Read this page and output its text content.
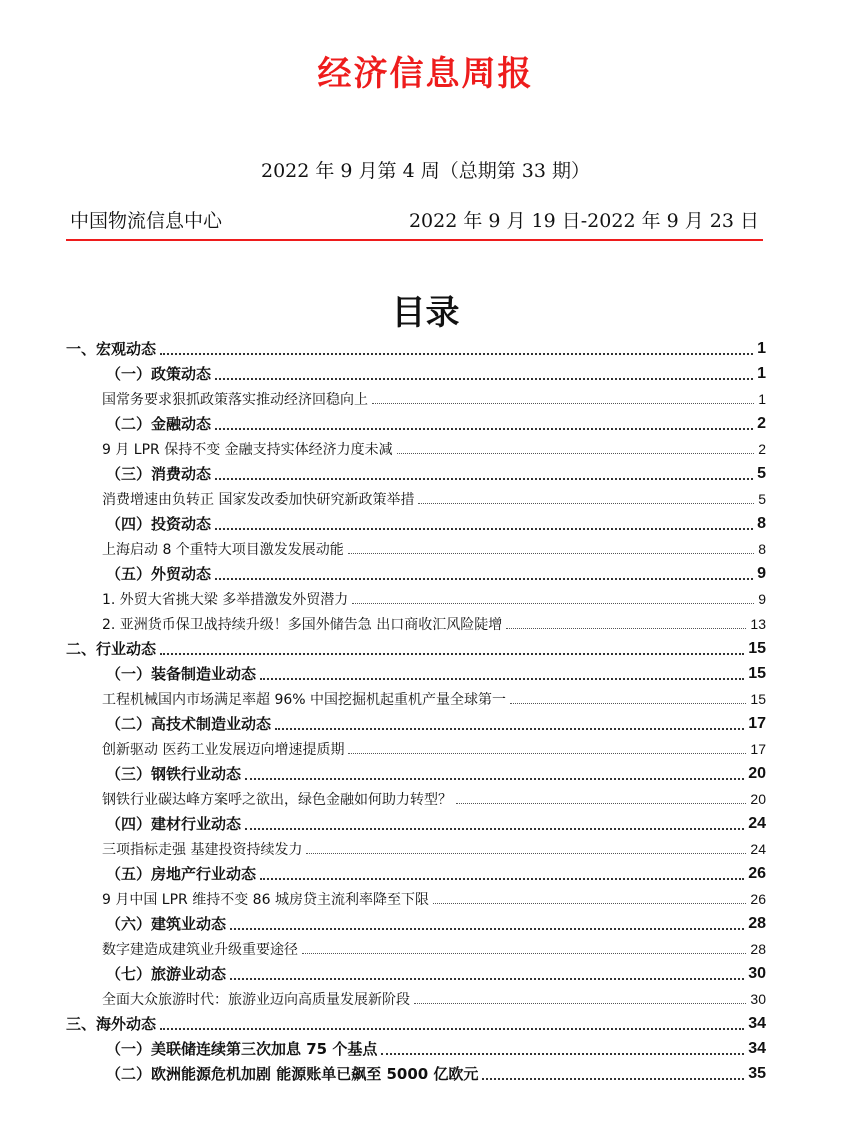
经济信息周报
2022 年 9 月第 4 周（总期第 33 期）
中国物流信息中心	2022 年 9 月 19 日-2022 年 9 月 23 日
目录
一、宏观动态	1
（一）政策动态	1
国常务要求狠抓政策落实推动经济回稳向上	1
（二）金融动态	2
9 月 LPR 保持不变 金融支持实体经济力度未减	2
（三）消费动态	5
消费增速由负转正 国家发改委加快研究新政策举措	5
（四）投资动态	8
上海启动 8 个重特大项目激发发展动能	8
（五）外贸动态	9
1. 外贸大省挑大梁 多举措激发外贸潜力	9
2. 亚洲货币保卫战持续升级！多国外储告急 出口商收汇风险陡增	13
二、行业动态	15
（一）装备制造业动态	15
工程机械国内市场满足率超 96% 中国挖掘机起重机产量全球第一	15
（二）高技术制造业动态	17
创新驱动 医药工业发展迈向增速提质期	17
（三）钢铁行业动态	20
钢铁行业碳达峰方案呼之欲出，绿色金融如何助力转型？	20
（四）建材行业动态	24
三项指标走强 基建投资持续发力	24
（五）房地产行业动态	26
9 月中国 LPR 维持不变 86 城房贷主流利率降至下限	26
（六）建筑业动态	28
数字建造成建筑业升级重要途径	28
（七）旅游业动态	30
全面大众旅游时代：旅游业迈向高质量发展新阶段	30
三、海外动态	34
（一）美联储连续第三次加息 75 个基点	34
（二）欧洲能源危机加剧 能源账单已飙至 5000 亿欧元	35
